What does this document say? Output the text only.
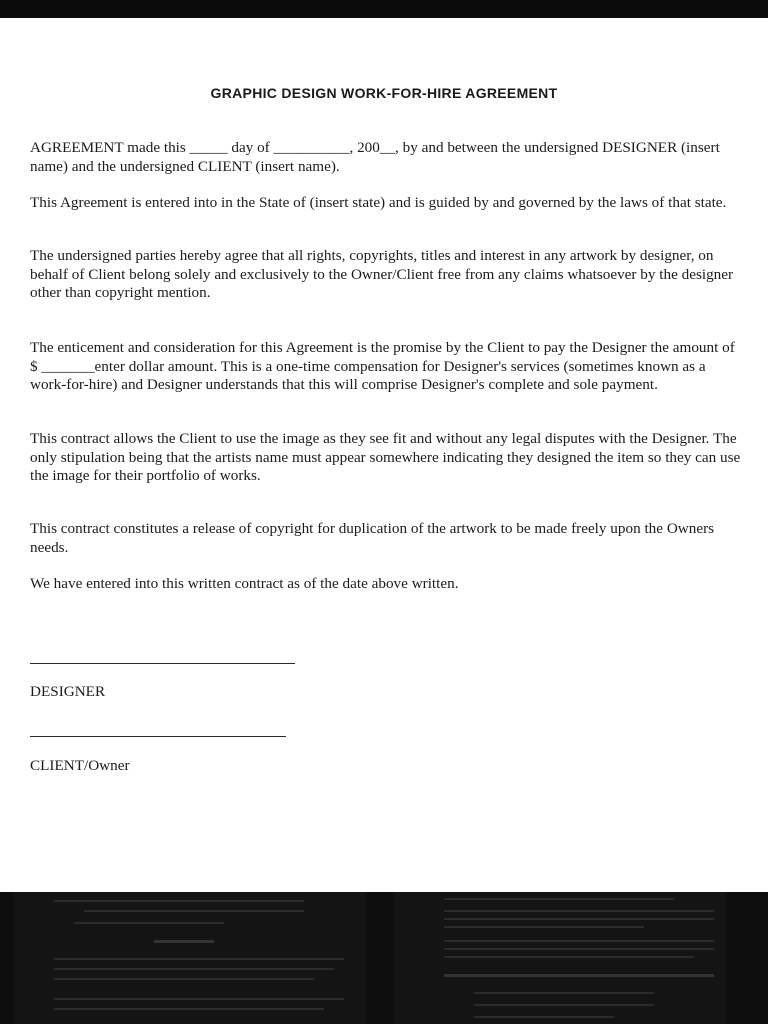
GRAPHIC DESIGN WORK-FOR-HIRE AGREEMENT
AGREEMENT made this _____ day of __________, 200__, by and between the undersigned DESIGNER (insert name) and the undersigned CLIENT (insert name).
This Agreement is entered into in the State of (insert state) and is guided by and governed by the laws of that state.
The undersigned parties hereby agree that all rights, copyrights, titles and interest in any artwork by designer, on behalf of Client belong solely and exclusively to the Owner/Client free from any claims whatsoever by the designer other than copyright mention.
The enticement and consideration for this Agreement is the promise by the Client to pay the Designer the amount of $ _______enter dollar amount. This is a one-time compensation for Designer's services (sometimes known as a work-for-hire) and Designer understands that this will comprise Designer's complete and sole payment.
This contract allows the Client to use the image as they see fit and without any legal disputes with the Designer. The only stipulation being that the artists name must appear somewhere indicating they designed the item so they can use the image for their portfolio of works.
This contract constitutes a release of copyright for duplication of the artwork to be made freely upon the Owners needs.
We have entered into this written contract as of the date above written.
DESIGNER
CLIENT/Owner
